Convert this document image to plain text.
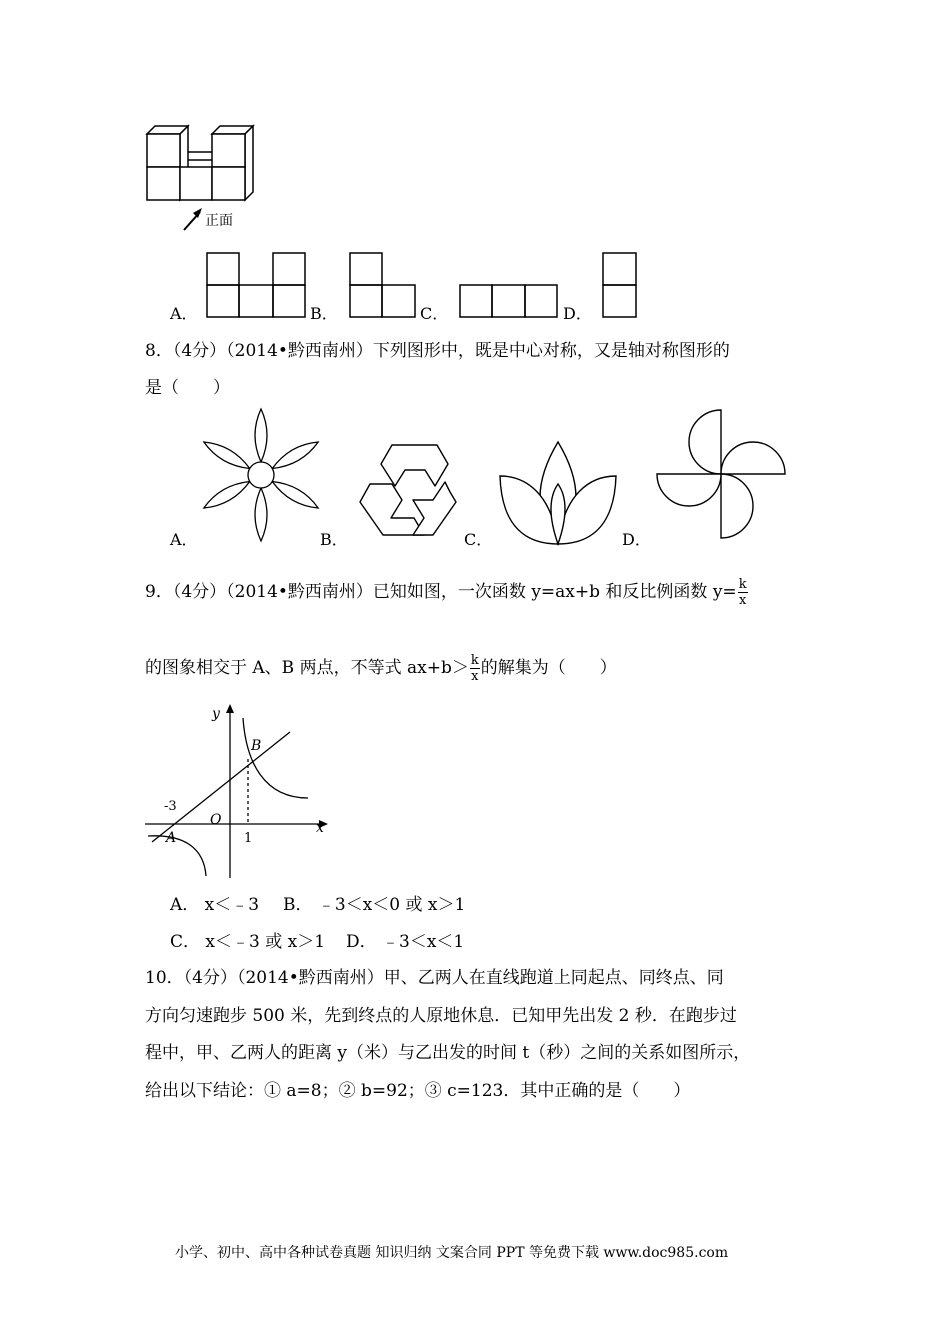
正面
A．	B．	C．	D．
8．（4分）（2014•黔西南州）下列图形中，既是中心对称，又是轴对称图形的
是（　　）
A．	B．	C．	D．
9．（4分）（2014•黔西南州）已知如图，一次函数 y=ax+b 和反比例函数 $y= \frac{k}{x}$
的图象相交于 A、B 两点，不等式 $ax+b> \frac{k}{x}$ 的解集为（　　）
y
x
O
B
A
-3
1
A． x＜﹣3 B． ﹣3＜x＜0 或 x＞1
C． x＜﹣3 或 x＞1 D． ﹣3＜x＜1
10．（4分）（2014•黔西南州）甲、乙两人在直线跑道上同起点、同终点、同
方向匀速跑步 500 米，先到终点的人原地休息．已知甲先出发 2 秒．在跑步过
程中，甲、乙两人的距离 y（米）与乙出发的时间 t（秒）之间的关系如图所示，
给出以下结论：① a=8；② b=92；③ c=123．其中正确的是（　　）
小学、初中、高中各种试卷真题 知识归纳 文案合同 PPT 等免费下载 www.doc985.com
